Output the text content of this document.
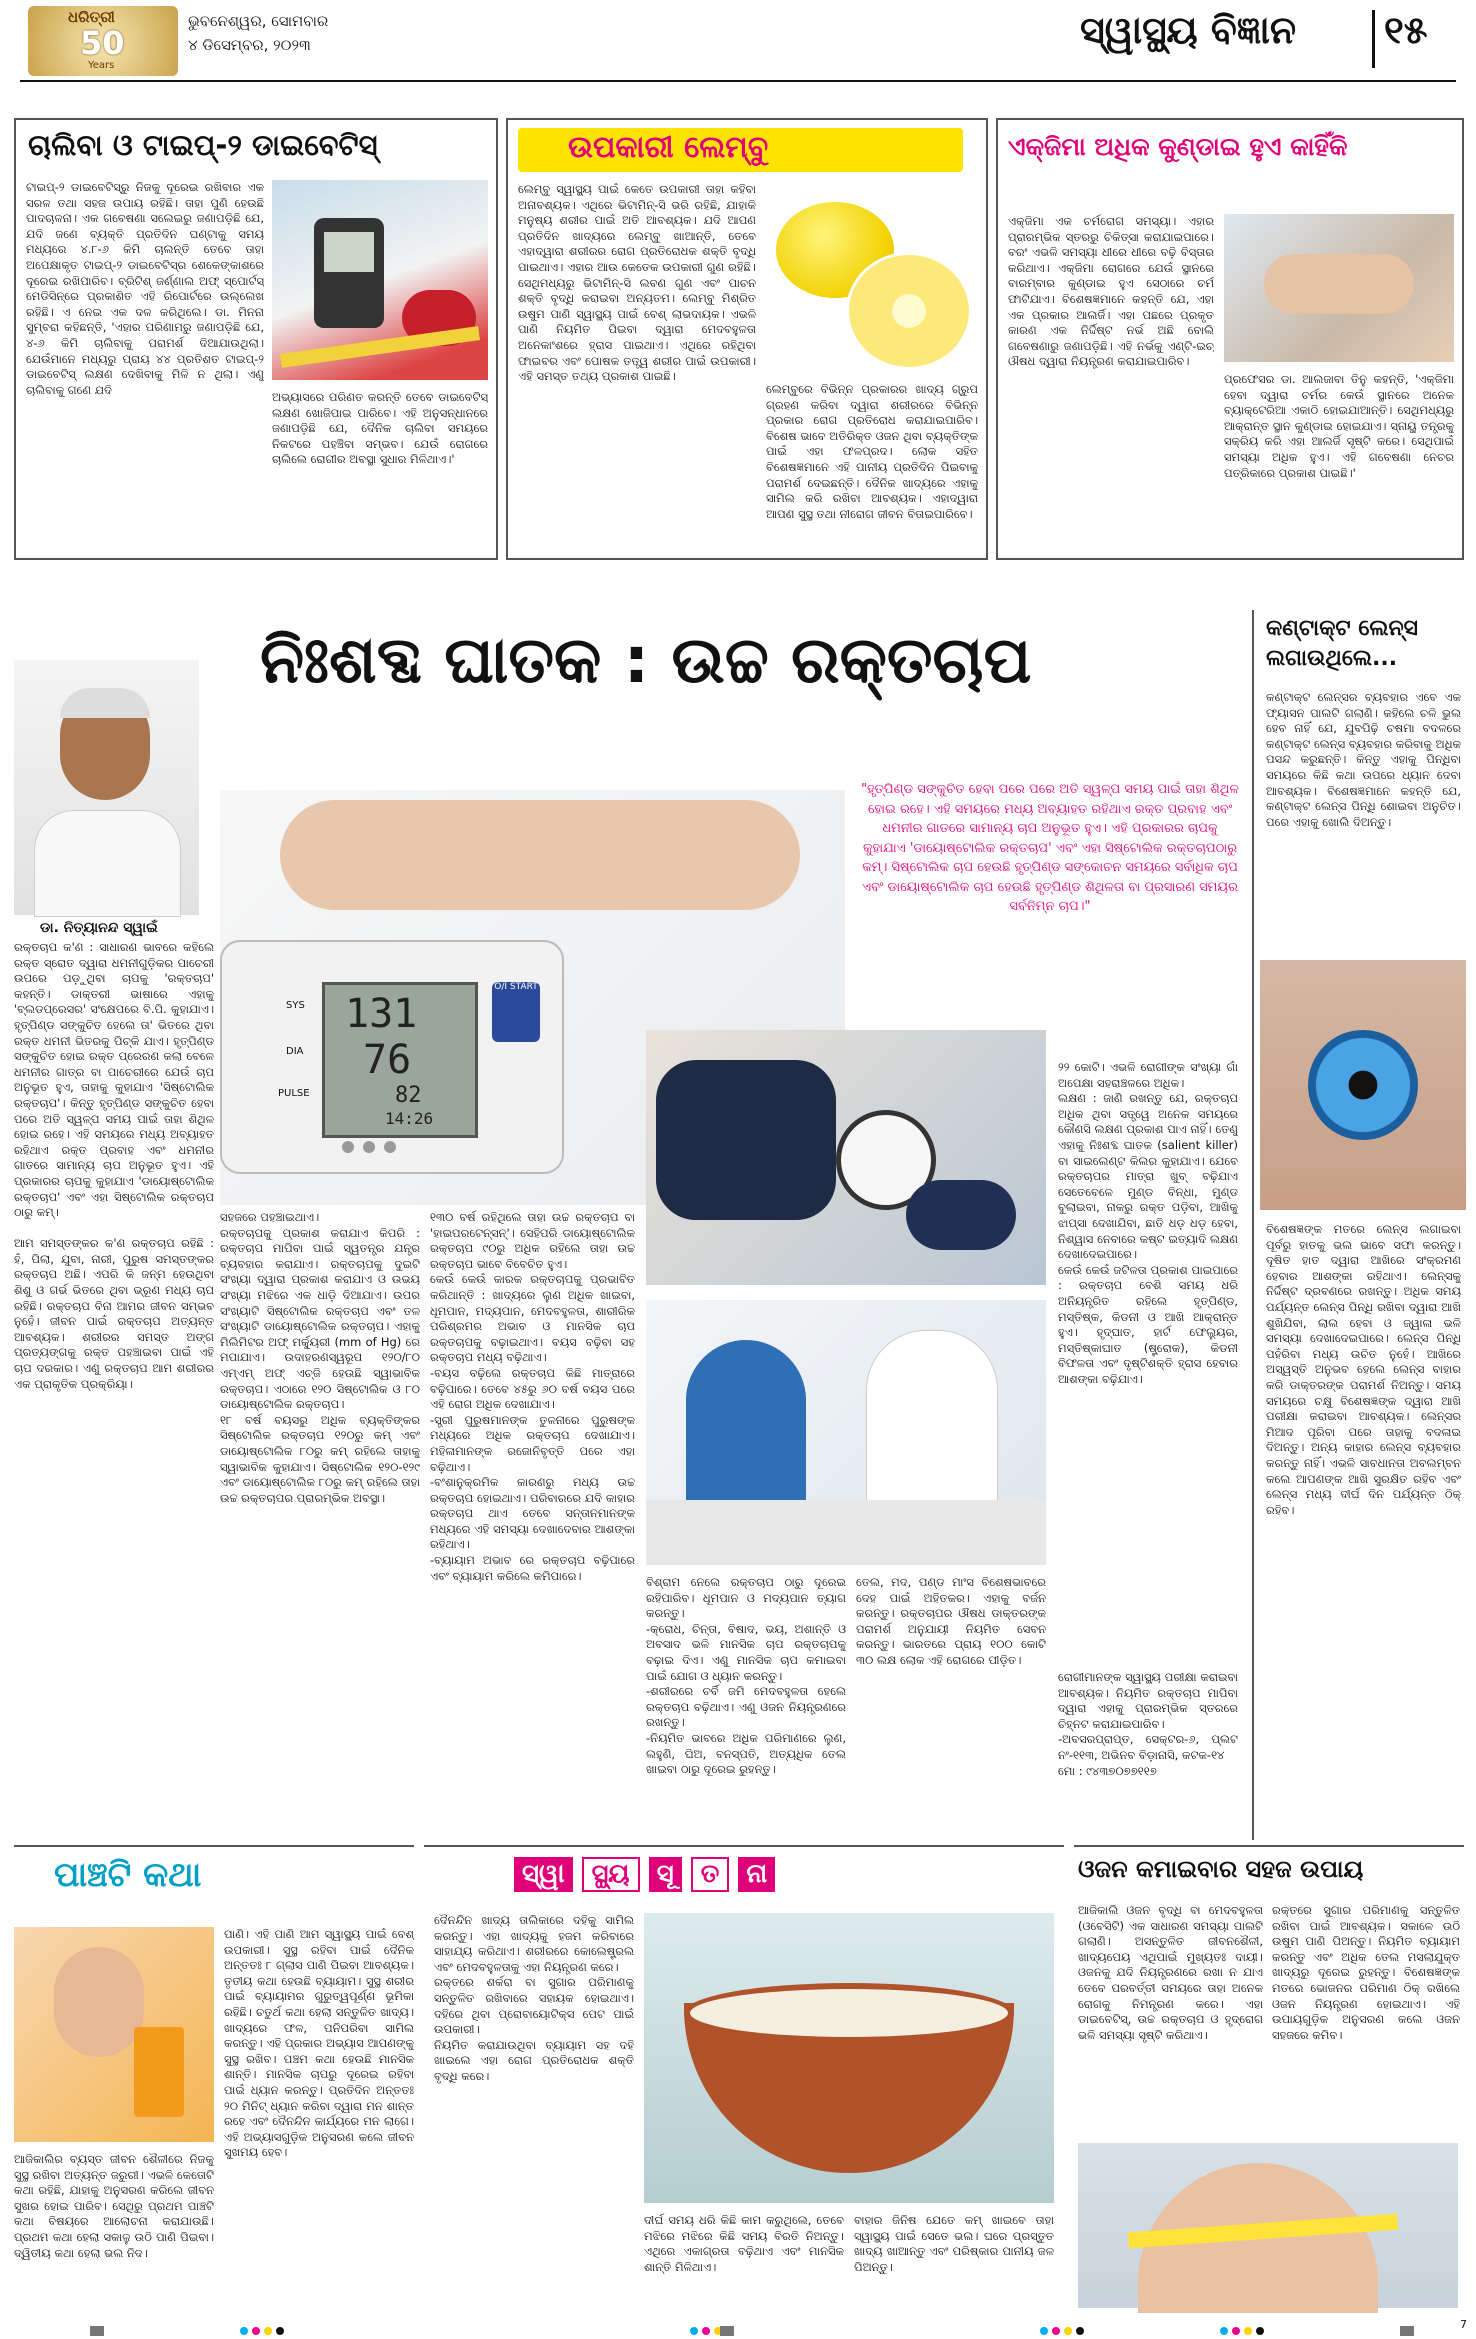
ଧରିତ୍ରୀ
50
Years
ଭୁବନେଶ୍ୱର, ସୋମବାର
୪ ଡିସେମ୍ବର, ୨୦୨୩	ସ୍ୱାସ୍ଥ୍ୟ ବିଜ୍ଞାନ ୧୫
ଚାଲିବା ଓ ଟାଇପ୍-୨ ଡାଇବେଟିସ୍
ଟାଇପ୍-୨ ଡାଇବେଟିସ୍‌ରୁ ନିଜକୁ ଦୂରେଇ ରଖିବାର ଏକ ସରଳ ତଥା ସହଜ ଉପାୟ ରହିଛି। ତାହା ପୁଣି ହେଉଛି ପାଦଚାଳନା। ଏକ ଗବେଷଣା ସଲେଇରୁ ଜଣାପଡ଼ିଛି ଯେ, ଯଦି ଜଣେ ବ୍ୟକ୍ତି ପ୍ରତିଦିନ ଘଣ୍ଟାକୁ ସମୟ ମଧ୍ୟରେ ୪.୮-୬ କିମି ଚାଲନ୍ତି ତେବେ ତାହା ଅପେକ୍ଷାକୃତ ଟାଇପ୍-୨ ଡାଇବେଟିସ୍‌ର ଶେକେଙ୍କାଶରେ ଦୂରେଇ ରଖିପାରିବ। ବ୍ରିଟିଶ୍ ଜର୍ଣ୍ଣାଲ ଅଫ୍ ସ୍ପୋର୍ଟସ୍ ମେଡିସିନ୍‌ରେ ପ୍ରକାଶିତ ଏହି ରିପୋର୍ଟରେ ଉଲ୍ଲେଖ ରହିଛି। ଏ ନେଇ ଏକ ଦଳ କରିଥିଲେ। ଡା. ମିନନା ସୁମ୍ବରା କହିଛନ୍ତି, 'ଏହାର ପରିଣାମରୁ ଜଣାପଡ଼ିଛି ଯେ, ୪-୬ କିମି ଚାଲିବାକୁ ପରାମର୍ଶ ଦିଆଯାଉଥିଲା। ଯେଉଁମାନେ ମଧ୍ୟରୁ ପ୍ରାୟ ୪୪ ପ୍ରତିଶତ ଟାଇପ୍-୨ ଡାଇବେଟିସ୍ ଲକ୍ଷଣ ଦେଖିବାକୁ ମିଳି ନ ଥିଲା। ଏଣୁ ଚାଲିବାକୁ ଗଣେ ଯଦି
ଅଭ୍ୟାସରେ ପରିଣତ କରନ୍ତି ତେବେ ଡାଇବେଟିସ୍ ଲକ୍ଷଣ ଖୋଜିପାଇ ପାରିବେ। ଏହି ଅନୁସନ୍ଧାନରେ ଜଣାପଡ଼ିଛି ଯେ, ଦୈନିକ ଚାଲିବା ସମୟରେ ନିକଟରେ ପହଞ୍ଚିବା ସମ୍ଭବ। ଯେଉଁ ରୋଗରେ ଚାଲିଲେ ରୋଗୀର ଅବସ୍ଥା ସୁଧାର ମିଳିଥାଏ।'
ଉପକାରୀ ଲେମ୍ବୁ
ଲେମ୍ବୁ ସ୍ୱାସ୍ଥ୍ୟ ପାଇଁ କେତେ ଉପକାରୀ ତାହା କହିବା ଅନାବଶ୍ୟକ। ଏଥିରେ ଭିଟାମିନ୍-ସି ଭରି ରହିଛି, ଯାହାକି ମନୁଷ୍ୟ ଶରୀର ପାଇଁ ଅତି ଆବଶ୍ୟକ। ଯଦି ଆପଣ ପ୍ରତିଦିନ ଖାଦ୍ୟରେ ଲେମ୍ବୁ ଖାଆନ୍ତି, ତେବେ ଏହାଦ୍ୱାରା ଶରୀରର ରୋଗ ପ୍ରତିରୋଧକ ଶକ୍ତି ବୃଦ୍ଧି ପାଇଥାଏ। ଏହାର ଆଉ କେତେକ ଉପକାରୀ ଗୁଣ ରହିଛି। ସେଥିମଧ୍ୟରୁ ଭିଟାମିନ୍-ସି ଲବଣ ଗୁଣ ଏବଂ ପାଚନ ଶକ୍ତି ବୃଦ୍ଧି କରାଇବା ଅନ୍ୟତମ। ଲେମ୍ବୁ ମିଶ୍ରିତ ଉଷୁମ ପାଣି ସ୍ୱାସ୍ଥ୍ୟ ପାଇଁ ବେଶ୍ ଲାଭଦାୟକ। ଏଭଳି ପାଣି ନିୟମିତ ପିଇବା ଦ୍ୱାରା ମେଦବହୁଳତା ଅନେକାଂଶରେ ହ୍ରାସ ପାଇଥାଏ। ଏଥିରେ ରହିଥିବା ଫାଇବର ଏବଂ ପୋଷକ ତତ୍ତ୍ୱ ଶରୀର ପାଇଁ ଉପକାରୀ। ଏହି ସମସ୍ତ ତଥ୍ୟ ପ୍ରକାଶ ପାଇଛି।
ଲେମ୍ବୁରେ ବିଭିନ୍ନ ପ୍ରକାରର ଖାଦ୍ୟ ଗ୍ରୁପ ଗ୍ରହଣ କରିବା ଦ୍ୱାରା ଶରୀରରେ ବିଭିନ୍ନ ପ୍ରକାର ରୋଗ ପ୍ରତିରୋଧ କରାଯାଇପାରିବ। ବିଶେଷ ଭାବେ ଅତିରିକ୍ତ ଓଜନ ଥିବା ବ୍ୟକ୍ତିଙ୍କ ପାଇଁ ଏହା ଫଳପ୍ରଦ। ଲୋକ ସହିତ ବିଶେଷଜ୍ଞମାନେ ଏହି ପାନୀୟ ପ୍ରତିଦିନ ପିଇବାକୁ ପରାମର୍ଶ ଦେଇଛନ୍ତି। ଦୈନିକ ଖାଦ୍ୟରେ ଏହାକୁ ସାମିଲ କରି ରଖିବା ଆବଶ୍ୟକ। ଏହାଦ୍ୱାରା ଆପଣ ସୁସ୍ଥ ତଥା ନୀରୋଗ ଜୀବନ ବିତାଇପାରିବେ।
ଏକ୍‌ଜିମା ଅଧିକ କୁଣ୍ଡାଇ ହୁଏ କାହିଁକି
ଏକ୍‌ଜିମା ଏକ ଚର୍ମରୋଗ ସମସ୍ୟା। ଏହାର ପ୍ରାରମ୍ଭିକ ସ୍ତରରୁ ଚିକିତ୍ସା କରାଯାଇପାରେ। ବରଂ ଏଭଳି ସମସ୍ୟା ଧୀରେ ଧୀରେ ବଢ଼ି ବିସ୍ତାର କରିଥାଏ। ଏକ୍‌ଜିମା ରୋଗରେ ଯେଉଁ ସ୍ଥାନରେ ବାରମ୍ବାର କୁଣ୍ଡାଇ ହୁଏ ସେଠାରେ ଚର୍ମ ଫାଟିଯାଏ। ବିଶେଷଜ୍ଞମାନେ କହନ୍ତି ଯେ, ଏହା ଏକ ପ୍ରକାର ଆଲର୍ଜି। ଏହା ପଛରେ ପ୍ରକୃତ କାରଣ ଏକ ନିର୍ଦ୍ଦିଷ୍ଟ ନର୍ଭ ଅଛି ବୋଲି ଗବେଷଣାରୁ ଜଣାପଡ଼ିଛି। ଏହି ନର୍ଭକୁ ଏଣ୍ଟି-ଇଚ୍ ଔଷଧ ଦ୍ୱାରା ନିୟନ୍ତ୍ରଣ କରାଯାଇପାରିବ।
ପ୍ରଫେସର ଡା. ଆଲଜାବା ତିନୁ କହନ୍ତି, 'ଏକ୍‌ଜିମା ହେବା ଦ୍ୱାରା ଚର୍ମର କେଉଁ ସ୍ଥାନରେ ଅନେକ ବ୍ୟାକ୍ଟେରିଆ ଏକାଠି ହୋଇଯାଆନ୍ତି। ସେଥିମଧ୍ୟରୁ ଆକ୍ରାନ୍ତ ସ୍ଥାନ କୁଣ୍ଡାଇ ହୋଇଯାଏ। ସ୍ନାୟୁ ତନ୍ତ୍ରକୁ ସକ୍ରିୟ କରି ଏହା ଆଲର୍ଜି ସୃଷ୍ଟି କରେ। ସେଥିପାଇଁ ସମସ୍ୟା ଅଧିକ ହୁଏ। ଏହି ଗବେଷଣା ନେଚର ପତ୍ରିକାରେ ପ୍ରକାଶ ପାଇଛି।'
ନିଃଶବ୍ଦ ଘାତକ : ଉଚ୍ଚ ରକ୍ତଚାପ
ଡା. ନିତ୍ୟାନନ୍ଦ ସ୍ୱାଇଁ
131
76
82
14:26
SYS
DIA
PULSE
O/I START

"ହୃତ୍‌ପିଣ୍ଡ ସଙ୍କୁଚିତ ହେବା ପରେ ପରେ ଅତି ସ୍ୱଳ୍ପ ସମୟ ପାଇଁ ତାହା ଶିଥିଳ ହୋଇ ରହେ। ଏହି ସମୟରେ ମଧ୍ୟ ଅବ୍ୟାହତ ରହିଥାଏ ରକ୍ତ ପ୍ରବାହ ଏବଂ ଧମନୀର ଗାତରେ ସାମାନ୍ୟ ଚାପ ଅନୁଭୂତ ହୁଏ। ଏହି ପ୍ରକାରର ଚାପକୁ କୁହାଯାଏ 'ଡାୟୋଷ୍ଟୋଲିକ ରକ୍ତଚାପ' ଏବଂ ଏହା ସିଷ୍ଟୋଲିକ ରକ୍ତଚାପଠାରୁ କମ୍। ସିଷ୍ଟୋଲିକ ଚାପ ହେଉଛି ହୃତ୍‌ପିଣ୍ଡ ସଙ୍କୋଚନ ସମୟରେ ସର୍ବାଧିକ ଚାପ ଏବଂ ଡାୟୋଷ୍ଟୋଲିକ ଚାପ ହେଉଛି ହୃତ୍‌ପିଣ୍ଡ ଶିଥିଳତା ବା ପ୍ରସାରଣ ସମୟର ସର୍ବନିମ୍ନ ଚାପ।"
ରକ୍ତଚାପ କ'ଣ : ସାଧାରଣ ଭାବରେ କହିଲେ ରକ୍ତ ସ୍ରୋତ ଦ୍ୱାରା ଧମନୀଗୁଡ଼ିକର ପାଚେରୀ ଉପରେ ପଡ଼ୁଥିବା ଚାପକୁ 'ରକ୍ତଚାପ' କହନ୍ତି। ଡାକ୍ତରୀ ଭାଷାରେ ଏହାକୁ 'ବ୍ଲଡପ୍ରେସର' ସଂକ୍ଷେପରେ ବି.ପି. କୁହାଯାଏ। ହୃତ୍‌ପିଣ୍ଡ ସଙ୍କୁଚିତ ହେଲେ ତା' ଭିତରେ ଥିବା ରକ୍ତ ଧମନୀ ଭିତରକୁ ପିଚ୍‌କି ଯାଏ। ହୃତ୍‌ପିଣ୍ଡ ସଙ୍କୁଚିତ ହୋଇ ରକ୍ତ ପ୍ରେରଣ କଲା ବେଳେ ଧମନୀର ଗାତ୍ର ବା ପାଚେରୀରେ ଯେଉଁ ଚାପ ଅନୁଭୂତ ହୁଏ, ତାହାକୁ କୁହାଯାଏ 'ସିଷ୍ଟୋଲିକ ରକ୍ତଚାପ'। କିନ୍ତୁ ହୃତ୍‌ପିଣ୍ଡ ସଙ୍କୁଚିତ ହେବା ପରେ ଅତି ସ୍ୱଳ୍ପ ସମୟ ପାଇଁ ତାହା ଶିଥିଳ ହୋଇ ରହେ। ଏହି ସମୟରେ ମଧ୍ୟ ଅବ୍ୟାହତ ରହିଥାଏ ରକ୍ତ ପ୍ରବାହ ଏବଂ ଧମନୀର ଗାତରେ ସାମାନ୍ୟ ଚାପ ଅନୁଭୂତ ହୁଏ। ଏହି ପ୍ରକାରର ଚାପକୁ କୁହାଯାଏ 'ଡାୟୋଷ୍ଟୋଲିକ ରକ୍ତଚାପ' ଏବଂ ଏହା ସିଷ୍ଟୋଲିକ ରକ୍ତଚାପ ଠାରୁ କମ୍।

ଆମ ସମସ୍ତଙ୍କର କ'ଣ ରକ୍ତଚାପ ରହିଛି : ହଁ, ପିଲା, ଯୁବା, ନାରୀ, ପୁରୁଷ ସମସ୍ତଙ୍କର ରକ୍ତଚାପ ଅଛି। ଏପରି କି ଜନ୍ମ ହେଉଥିବା ଶିଶୁ ଓ ଗର୍ଭ ଭିତରେ ଥିବା ଭ୍ରୂଣ ମଧ୍ୟ ଚାପ ରହିଛି। ରକ୍ତଚାପ ବିନା ଆମର ଜୀବନ ସମ୍ଭବ ନୁହେଁ। ଜୀବନ ପାଇଁ ରକ୍ତଚାପ ଅତ୍ୟନ୍ତ ଆବଶ୍ୟକ। ଶରୀରର ସମସ୍ତ ଅଙ୍ଗ ପ୍ରତ୍ୟଙ୍ଗକୁ ରକ୍ତ ପହଞ୍ଚାଇବା ପାଇଁ ଏହି ଚାପ ଦରକାର। ଏଣୁ ରକ୍ତଚାପ ଆମ ଶରୀରର ଏକ ପ୍ରାକୃତିକ ପ୍ରକ୍ରିୟା।
ସହଜରେ ପହଞ୍ଚାଇଥାଏ।
ରକ୍ତଚାପକୁ ପ୍ରକାଶ କରାଯାଏ କିପରି : ରକ୍ତଚାପ ମାପିବା ପାଇଁ ସ୍ୱତନ୍ତ୍ର ଯନ୍ତ୍ର ବ୍ୟବହାର କରାଯାଏ। ରକ୍ତଚାପକୁ ଦୁଇଟି ସଂଖ୍ୟା ଦ୍ୱାରା ପ୍ରକାଶ କରାଯାଏ ଓ ଉଭୟ ସଂଖ୍ୟା ମଝିରେ ଏକ ଧାଡ଼ି ଦିଆଯାଏ। ଉପର ସଂଖ୍ୟାଟି ସିଷ୍ଟୋଲିକ ରକ୍ତଚାପ ଏବଂ ତଳ ସଂଖ୍ୟାଟି ଡାୟୋଷ୍ଟୋଲିକ ରକ୍ତଚାପ। ଏହାକୁ ମିଲିମିଟର ଅଫ୍ ମର୍କ୍ୟୁରୀ (mm of Hg) ରେ ମପାଯାଏ। ଉଦାହରଣସ୍ୱରୂପ ୧୨୦/୮୦ ଏମ୍‌ଏମ୍ ଅଫ୍ ଏଚ୍‌ଜି ହେଉଛି ସ୍ୱାଭାବିକ ରକ୍ତଚାପ। ଏଠାରେ ୧୨୦ ସିଷ୍ଟୋଲିକ ଓ ୮୦ ଡାୟୋଷ୍ଟୋଲିକ ରକ୍ତଚାପ।
୧୮ ବର୍ଷ ବୟସରୁ ଅଧିକ ବ୍ୟକ୍ତିଙ୍କର ସିଷ୍ଟୋଲିକ ରକ୍ତଚାପ ୧୨୦ରୁ କମ୍ ଏବଂ ଡାୟୋଷ୍ଟୋଲିକ ୮୦ରୁ କମ୍ ରହିଲେ ତାହାକୁ ସ୍ୱାଭାବିକ କୁହାଯାଏ। ସିଷ୍ଟୋଲିକ ୧୨୦-୧୨୯ ଏବଂ ଡାୟୋଷ୍ଟୋଲିକ ୮୦ରୁ କମ୍ ରହିଲେ ତାହା ଉଚ୍ଚ ରକ୍ତଚାପର ପ୍ରାରମ୍ଭିକ ଅବସ୍ଥା।
୧୩୦ ବର୍ଷ ରହିଥିଲେ ତାହା ଉଚ୍ଚ ରକ୍ତଚାପ ବା 'ହାଇପରଟେନ୍‌ସନ୍'। ସେହିପରି ଡାୟୋଷ୍ଟୋଲିକ ରକ୍ତଚାପ ୯୦ରୁ ଅଧିକ ରହିଲେ ତାହା ଉଚ୍ଚ ରକ୍ତଚାପ ଭାବେ ବିବେଚିତ ହୁଏ।
କେଉଁ କେଉଁ କାରକ ରକ୍ତଚାପକୁ ପ୍ରଭାବିତ କରିଥାନ୍ତି : ଖାଦ୍ୟରେ ଲୁଣ ଅଧିକ ଖାଇବା, ଧୂମପାନ, ମଦ୍ୟପାନ, ମେଦବହୁଳତା, ଶାରୀରିକ ପରିଶ୍ରମର ଅଭାବ ଓ ମାନସିକ ଚାପ ରକ୍ତଚାପକୁ ବଢ଼ାଇଥାଏ। ବୟସ ବଢ଼ିବା ସହ ରକ୍ତଚାପ ମଧ୍ୟ ବଢ଼ିଥାଏ।
-ବୟସ ବଢ଼ିଲେ ରକ୍ତଚାପ କିଛି ମାତ୍ରାରେ ବଢ଼ିପାରେ। ତେବେ ୪୫ରୁ ୬୦ ବର୍ଷ ବୟସ ପରେ ଏହି ରୋଗ ଅଧିକ ଦେଖାଯାଏ।
-ସ୍ତ୍ରୀ ପୁରୁଷମାନଙ୍କ ତୁଳନାରେ ପୁରୁଷଙ୍କ ମଧ୍ୟରେ ଅଧିକ ରକ୍ତଚାପ ଦେଖାଯାଏ। ମହିଳାମାନଙ୍କ ରଜୋନିବୃତ୍ତି ପରେ ଏହା ବଢ଼ିଥାଏ।
-ବଂଶାନୁକ୍ରମିକ କାରଣରୁ ମଧ୍ୟ ଉଚ୍ଚ ରକ୍ତଚାପ ହୋଇଥାଏ। ପରିବାରରେ ଯଦି କାହାର ରକ୍ତଚାପ ଥାଏ ତେବେ ସନ୍ତାନମାନଙ୍କ ମଧ୍ୟରେ ଏହି ସମସ୍ୟା ଦେଖାଦେବାର ଆଶଙ୍କା ରହିଥାଏ।
-ବ୍ୟାୟାମ ଅଭାବ ରେ ରକ୍ତଚାପ ବଢ଼ିପାରେ ଏବଂ ବ୍ୟାୟାମ କରିଲେ କମିପାରେ।
୨୨ କୋଟି। ଏଭଳି ରୋଗୀଙ୍କ ସଂଖ୍ୟା ଗାଁ ଅପେକ୍ଷା ସହରାଞ୍ଚଳରେ ଅଧିକ।
ଲକ୍ଷଣ : ଜାଣି ରଖନ୍ତୁ ଯେ, ରକ୍ତଚାପ ଅଧିକ ଥିବା ସତ୍ତ୍ୱେ ଅନେକ ସମୟରେ କୌଣସି ଲକ୍ଷଣ ପ୍ରକାଶ ପାଏ ନାହିଁ। ତେଣୁ ଏହାକୁ ନିଃଶବ୍ଦ ଘାତକ (salient killer) ବା ସାଇଲେଣ୍ଟ କିଲର କୁହାଯାଏ। ଯେବେ ରକ୍ତଚାପର ମାତ୍ରା ଖୁବ୍ ବଢ଼ିଯାଏ ସେତେବେଳେ ମୁଣ୍ଡ ବିନ୍ଧା, ମୁଣ୍ଡ ବୁଲାଇବା, ନାକରୁ ରକ୍ତ ପଡ଼ିବା, ଆଖିକୁ ଝାପ୍‌ସା ଦେଖାଯିବା, ଛାତି ଧଡ଼ ଧଡ଼ ହେବା, ନିଶ୍ୱାସ ନେବାରେ କଷ୍ଟ ଇତ୍ୟାଦି ଲକ୍ଷଣ ଦେଖାଦେଇପାରେ।
କେଉଁ କେଉଁ ଜଟିଳତା ପ୍ରକାଶ ପାଇପାରେ : ରକ୍ତଚାପ ବେଶି ସମୟ ଧରି ଅନିୟନ୍ତ୍ରିତ ରହିଲେ ହୃତ୍‌ପିଣ୍ଡ, ମସ୍ତିଷ୍କ, କିଡନୀ ଓ ଆଖି ଆକ୍ରାନ୍ତ ହୁଏ। ହୃଦ୍‌ଘାତ, ହାର୍ଟ ଫେଲ୍ୟୁର, ମସ୍ତିଷ୍କାଘାତ (ଷ୍ଟ୍ରୋକ), କିଡନୀ ବିଫଳତା ଏବଂ ଦୃଷ୍ଟିଶକ୍ତି ହ୍ରାସ ହେବାର ଆଶଙ୍କା ବଢ଼ିଯାଏ।
ବିଶ୍ରାମ ନେଲେ ରକ୍ତଚାପ ଠାରୁ ଦୂରେଇ ରହିପାରିବ। ଧୂମପାନ ଓ ମଦ୍ୟପାନ ତ୍ୟାଗ କରନ୍ତୁ।
-କ୍ରୋଧ, ଚିନ୍ତା, ବିଷାଦ, ଭୟ, ଅଶାନ୍ତି ଓ ଅବସାଦ ଭଳି ମାନସିକ ଚାପ ରକ୍ତଚାପକୁ ବଢ଼ାଇ ଦିଏ। ଏଣୁ ମାନସିକ ଚାପ କମାଇବା ପାଇଁ ଯୋଗ ଓ ଧ୍ୟାନ କରନ୍ତୁ।
-ଶରୀରରେ ଚର୍ବି ଜମି ମେଦବହୁଳତା ହେଲେ ରକ୍ତଚାପ ବଢ଼ିଥାଏ। ଏଣୁ ଓଜନ ନିୟନ୍ତ୍ରଣରେ ରଖନ୍ତୁ।
-ନିୟମିତ ଭାବରେ ଅଧିକ ପରିମାଣରେ ଲୁଣ, ଲହୁଣି, ଘିଅ, ବନସ୍ପତି, ଅତ୍ୟଧିକ ତେଲ ଖାଇବା ଠାରୁ ଦୂରେଇ ରୁହନ୍ତୁ।
ତେଲ, ମଦ, ପଣ୍ଡ ମାଂସ ବିଶେଷଭାବରେ ଦେହ ପାଇଁ ଅହିତକର। ଏହାକୁ ବର୍ଜନ କରନ୍ତୁ। ରକ୍ତଚାପର ଔଷଧ ଡାକ୍ତରଙ୍କ ପରାମର୍ଶ ଅନୁଯାୟୀ ନିୟମିତ ସେବନ କରନ୍ତୁ। ଭାରତରେ ପ୍ରାୟ ୧୦୦ କୋଟି ୩୦ ଲକ୍ଷ ଲୋକ ଏହି ରୋଗରେ ପୀଡ଼ିତ।
ରୋଗୀମାନଙ୍କ ସ୍ୱାସ୍ଥ୍ୟ ପରୀକ୍ଷା କରାଇବା ଆବଶ୍ୟକ। ନିୟମିତ ରକ୍ତଚାପ ମାପିବା ଦ୍ୱାରା ଏହାକୁ ପ୍ରାରମ୍ଭିକ ସ୍ତରରେ ଚିହ୍ନଟ କରାଯାଇପାରିବ।
-ଅବସରପ୍ରାପ୍ତ, ସେକ୍ଟର-୬, ପ୍ଲଟ ନଂ-୧୧୩, ଅଭିନବ ବିଡ଼ାନାସି, କଟକ-୧୪
ମୋ : ୯୪୩୭୦୭୭୧୧୭
କଣ୍ଟାକ୍ଟ ଲେନ୍ସ ଲଗାଉଥିଲେ...
କଣ୍ଟାକ୍ଟ ଲେନ୍ସର ବ୍ୟବହାର ଏବେ ଏକ ଫ୍ୟାସନ ପାଲଟି ଗଲାଣି। କହିଲେ ଚଳି ଭୁଲ ହେବ ନାହିଁ ଯେ, ଯୁବପିଢ଼ି ଚଷମା ବଦଳରେ କଣ୍ଟାକ୍ଟ ଲେନ୍ସ ବ୍ୟବହାର କରିବାକୁ ଅଧିକ ପସନ୍ଦ କରୁଛନ୍ତି। କିନ୍ତୁ ଏହାକୁ ପିନ୍ଧିବା ସମୟରେ କିଛି କଥା ଉପରେ ଧ୍ୟାନ ଦେବା ଆବଶ୍ୟକ। ବିଶେଷଜ୍ଞମାନେ କହନ୍ତି ଯେ, କଣ୍ଟାକ୍ଟ ଲେନ୍ସ ପିନ୍ଧି ଶୋଇବା ଅନୁଚିତ। ପରେ ଏହାକୁ ଖୋଲି ଦିଅନ୍ତୁ।
ବିଶେଷଜ୍ଞଙ୍କ ମତରେ ଲେନ୍ସ ଲଗାଇବା ପୂର୍ବରୁ ହାତକୁ ଭଲ ଭାବେ ସଫା କରନ୍ତୁ। ଦୂଷିତ ହାତ ଦ୍ୱାରା ଆଖିରେ ସଂକ୍ରମଣ ହେବାର ଆଶଙ୍କା ରହିଥାଏ। ଲେନ୍ସକୁ ନିର୍ଦ୍ଦିଷ୍ଟ ଦ୍ରବଣରେ ରଖନ୍ତୁ। ଅଧିକ ସମୟ ପର୍ଯ୍ୟନ୍ତ ଲେନ୍ସ ପିନ୍ଧି ରଖିବା ଦ୍ୱାରା ଆଖି ଶୁଖିଯିବା, ଲାଲ ହେବା ଓ ଜ୍ୱାଳା ଭଳି ସମସ୍ୟା ଦେଖାଦେଇପାରେ। ଲେନ୍ସ ପିନ୍ଧି ପହଁରିବା ମଧ୍ୟ ଉଚିତ ନୁହେଁ। ଆଖିରେ ଅସ୍ୱସ୍ତି ଅନୁଭବ ହେଲେ ଲେନ୍ସ ବାହାର କରି ଡାକ୍ତରଙ୍କ ପରାମର୍ଶ ନିଅନ୍ତୁ। ସମୟ ସମୟରେ ଚକ୍ଷୁ ବିଶେଷଜ୍ଞଙ୍କ ଦ୍ୱାରା ଆଖି ପରୀକ୍ଷା କରାଇବା ଆବଶ୍ୟକ। ଲେନ୍ସର ମିଆଦ ପୂରିବା ପରେ ତାହାକୁ ବଦଳାଇ ଦିଅନ୍ତୁ। ଅନ୍ୟ କାହାର ଲେନ୍ସ ବ୍ୟବହାର କରନ୍ତୁ ନାହିଁ। ଏଭଳି ସାବଧାନତା ଅବଲମ୍ବନ କଲେ ଆପଣଙ୍କ ଆଖି ସୁରକ୍ଷିତ ରହିବ ଏବଂ ଲେନ୍ସ ମଧ୍ୟ ଦୀର୍ଘ ଦିନ ପର୍ଯ୍ୟନ୍ତ ଠିକ୍ ରହିବ।
ପାଞ୍ଚଟି କଥା
ଆଜିକାଲିର ବ୍ୟସ୍ତ ଜୀବନ ଶୈଳୀରେ ନିଜକୁ ସୁସ୍ଥ ରଖିବା ଅତ୍ୟନ୍ତ ଜରୁରୀ। ଏଭଳି କେତୋଟି କଥା ରହିଛି, ଯାହାକୁ ଅନୁସରଣ କରିଲେ ଜୀବନ ସୁଖର ହୋଇ ପାରିବ। ସେଥିରୁ ପ୍ରଥମ ପାଞ୍ଚଟି କଥା ବିଷୟରେ ଆଲୋଚନା କରାଯାଉଛି। ପ୍ରଥମ କଥା ହେଲା ସକାଳୁ ଉଠି ପାଣି ପିଇବା। ଦ୍ୱିତୀୟ କଥା ହେଲା ଭଲ ନିଦ।
ପାଣି। ଏହି ପାଣି ଆମ ସ୍ୱାସ୍ଥ୍ୟ ପାଇଁ ବେଶ୍ ଉପକାରୀ। ସୁସ୍ଥ ରହିବା ପାଇଁ ଦୈନିକ ଅନ୍ତତଃ ୮ ଗ୍ଲାସ ପାଣି ପିଇବା ଆବଶ୍ୟକ। ତୃତୀୟ କଥା ହେଉଛି ବ୍ୟାୟାମ। ସୁସ୍ଥ ଶରୀର ପାଇଁ ବ୍ୟାୟାମର ଗୁରୁତ୍ୱପୂର୍ଣ୍ଣ ଭୂମିକା ରହିଛି। ଚତୁର୍ଥ କଥା ହେଲା ସନ୍ତୁଳିତ ଖାଦ୍ୟ। ଖାଦ୍ୟରେ ଫଳ, ପନିପରିବା ସାମିଲ କରନ୍ତୁ। ଏହି ପ୍ରକାର ଅଭ୍ୟାସ ଆପଣଙ୍କୁ ସୁସ୍ଥ ରଖିବ। ପଞ୍ଚମ କଥା ହେଉଛି ମାନସିକ ଶାନ୍ତି। ମାନସିକ ଚାପରୁ ଦୂରେଇ ରହିବା ପାଇଁ ଧ୍ୟାନ କରନ୍ତୁ। ପ୍ରତିଦିନ ଅନ୍ତତଃ ୨୦ ମିନିଟ୍ ଧ୍ୟାନ କରିବା ଦ୍ୱାରା ମନ ଶାନ୍ତ ରହେ ଏବଂ ଦୈନନ୍ଦିନ କାର୍ଯ୍ୟରେ ମନ ଲାଗେ। ଏହି ଅଭ୍ୟାସଗୁଡ଼ିକ ଅନୁସରଣ କଲେ ଜୀବନ ସୁଖମୟ ହେବ।
ସ୍ୱା ସ୍ଥ୍ୟ ସୂ ତ ନା
ଦୈନନ୍ଦିନ ଖାଦ୍ୟ ତାଲିକାରେ ଦହିକୁ ସାମିଲ କରନ୍ତୁ। ଏହା ଖାଦ୍ୟକୁ ହଜମ କରିବାରେ ସାହାଯ୍ୟ କରିଥାଏ। ଶରୀରରେ କୋଲେଷ୍ଟ୍ରଲ ଏବଂ ମେଦବହୁଳତାକୁ ଏହା ନିୟନ୍ତ୍ରଣ କରେ।
ରକ୍ତରେ ଶର୍କରା ବା ସୁଗାର ପରିମାଣକୁ ସନ୍ତୁଳିତ ରଖିବାରେ ସହାୟକ ହୋଇଥାଏ। ଦହିରେ ଥିବା ପ୍ରୋବାୟୋଟିକ୍ସ ପେଟ ପାଇଁ ଉପକାରୀ।
ନିୟମିତ କରାଯାଉଥିବା ବ୍ୟାୟାମ ସହ ଦହି ଖାଇଲେ ଏହା ରୋଗ ପ୍ରତିରୋଧକ ଶକ୍ତି ବୃଦ୍ଧି କରେ।
ଦୀର୍ଘ ସମୟ ଧରି କିଛି କାମ କରୁଥିଲେ, ତେବେ ମଝିରେ ମଝିରେ କିଛି ସମୟ ବିରତି ନିଅନ୍ତୁ। ଏଥିରେ ଏକାଗ୍ରତା ବଢ଼ିଥାଏ ଏବଂ ମାନସିକ ଶାନ୍ତି ମିଳିଥାଏ।
ବାହାର ଜିନିଷ ଯେତେ କମ୍ ଖାଇବେ ତାହା ସ୍ୱାସ୍ଥ୍ୟ ପାଇଁ ସେତେ ଭଲ। ଘରେ ପ୍ରସ୍ତୁତ ଖାଦ୍ୟ ଖାଆନ୍ତୁ ଏବଂ ପରିଷ୍କାର ପାନୀୟ ଜଳ ପିଅନ୍ତୁ।
ଓଜନ କମାଇବାର ସହଜ ଉପାୟ
ଆଜିକାଲି ଓଜନ ବୃଦ୍ଧି ବା ମେଦବହୁଳତା (ଓବେସିଟି) ଏକ ସାଧାରଣ ସମସ୍ୟା ପାଲଟି ଗଲାଣି। ଅସନ୍ତୁଳିତ ଜୀବନଶୈଳୀ, ଖାଦ୍ୟପେୟ ଏଥିପାଇଁ ମୁଖ୍ୟତଃ ଦାୟୀ। ଓଜନକୁ ଯଦି ନିୟନ୍ତ୍ରଣରେ ରଖା ନ ଯାଏ ତେବେ ପରବର୍ତ୍ତୀ ସମୟରେ ତାହା ଅନେକ ରୋଗକୁ ନିମନ୍ତ୍ରଣ କରେ। ଏହା ଡାଇବେଟିସ୍, ଉଚ୍ଚ ରକ୍ତଚାପ ଓ ହୃଦ୍‌ରୋଗ ଭଳି ସମସ୍ୟା ସୃଷ୍ଟି କରିଥାଏ।
ରକ୍ତରେ ସୁଗାର ପରିମାଣକୁ ସନ୍ତୁଳିତ ରଖିବା ପାଇଁ ଆବଶ୍ୟକ। ସକାଳେ ଉଠି ଉଷୁମ ପାଣି ପିଅନ୍ତୁ। ନିୟମିତ ବ୍ୟାୟାମ କରନ୍ତୁ ଏବଂ ଅଧିକ ତେଲ ମସଲାଯୁକ୍ତ ଖାଦ୍ୟରୁ ଦୂରେଇ ରୁହନ୍ତୁ। ବିଶେଷଜ୍ଞଙ୍କ ମତରେ ଭୋଜନର ପରିମାଣ ଠିକ୍ ରଖିଲେ ଓଜନ ନିୟନ୍ତ୍ରଣ ହୋଇଥାଏ। ଏହି ଉପାୟଗୁଡ଼ିକ ଅନୁସରଣ କଲେ ଓଜନ ସହଜରେ କମିବ।
7
